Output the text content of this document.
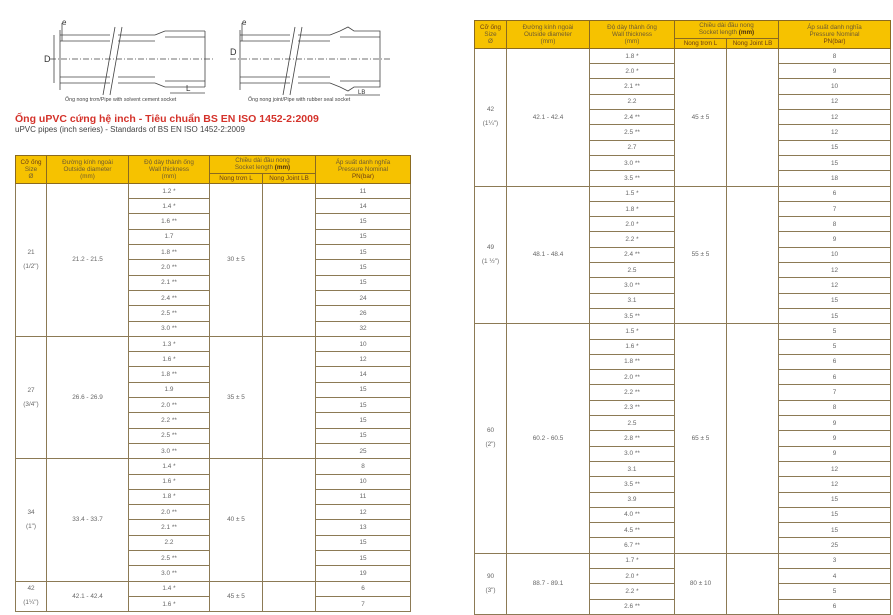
e
D
L
Ống nong trơn/Pipe with solvent cement socket
e
D
LB
Ống nong joint/Pipe with rubber seal socket
Ống uPVC cứng hệ inch - Tiêu chuẩn BS EN ISO 1452-2:2009
uPVC pipes (inch series) - Standards of BS EN ISO 1452-2:2009
Cỡ ống
Size
Ø	Đường kính ngoài
Outside diameter
(mm)	Độ dày thành ống
Wall thickness
(mm)	Chiều dài đầu nong
Socket length (mm)		Áp suất danh nghĩa
Pressure Nominal
PN(bar)
			Nong trơn L	Nong Joint LB	

21
(1/2")	21.2 - 21.5	1.2 *	30 ± 5		11
		1.4 *			14
		1.6 **			15
		1.7			15
		1.8 **			15
		2.0 **			15
		2.1 **			15
		2.4 **			24
		2.5 **			26
		3.0 **			32

27
(3/4")	26.6 - 26.9	1.3 *	35 ± 5		10
		1.6 *			12
		1.8 **			14
		1.9			15
		2.0 **			15
		2.2 **			15
		2.5 **			15
		3.0 **			25

34
(1")	33.4 - 33.7	1.4 *	40 ± 5		8
		1.6 *			10
		1.8 *			11
		2.0 **			12
		2.1 **			13
		2.2			15
		2.5 **			15
		3.0 **			19

42
(1¼")	42.1 - 42.4	1.4 *	45 ± 5		6
		1.6 *			7
Cỡ ống
Size
Ø	Đường kính ngoài
Outside diameter
(mm)	Độ dày thành ống
Wall thickness
(mm)	Chiều dài đầu nong
Socket length (mm)		Áp suất danh nghĩa
Pressure Nominal
PN(bar)
			Nong trơn L	Nong Joint LB	

42
(1¼")	42.1 - 42.4	1.8 *	45 ± 5		8
		2.0 *			9
		2.1 **			10
		2.2			12
		2.4 **			12
		2.5 **			12
		2.7			15
		3.0 **			15
		3.5 **			18

49
(1 ½")	48.1 - 48.4	1.5 *	55 ± 5		6
		1.8 *			7
		2.0 *			8
		2.2 *			9
		2.4 **			10
		2.5			12
		3.0 **			12
		3.1			15
		3.5 **			15

60
(2")	60.2 - 60.5	1.5 *	65 ± 5		5
		1.6 *			5
		1.8 **			6
		2.0 **			6
		2.2 **			7
		2.3 **			8
		2.5			9
		2.8 **			9
		3.0 **			9
		3.1			12
		3.5 **			12
		3.9			15
		4.0 **			15
		4.5 **			15
		6.7 **			25

90
(3")	88.7 - 89.1	1.7 *	80 ± 10		3
		2.0 *			4
		2.2 *			5
		2.6 **			6
